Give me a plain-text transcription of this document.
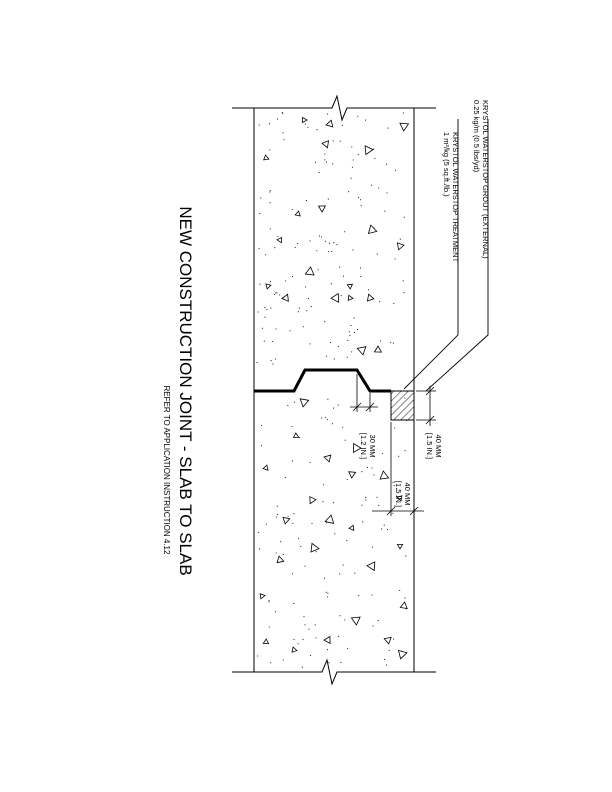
KRYSTOL WATERSTOP GROUT (EXTERNAL)
0.25 kg/m (0.5 lbs/yd)
KRYSTOL WATERSTOP TREATMENT
1 m²/kg (5 sq.ft./lb.)
40 MM
[1.5 IN.]
40 MM
[1.5 IN.]
30 MM
[1.2 IN.]
NEW CONSTRUCTION JOINT - SLAB TO SLAB
REFER TO APPLICATION INSTRUCTION 4.12
